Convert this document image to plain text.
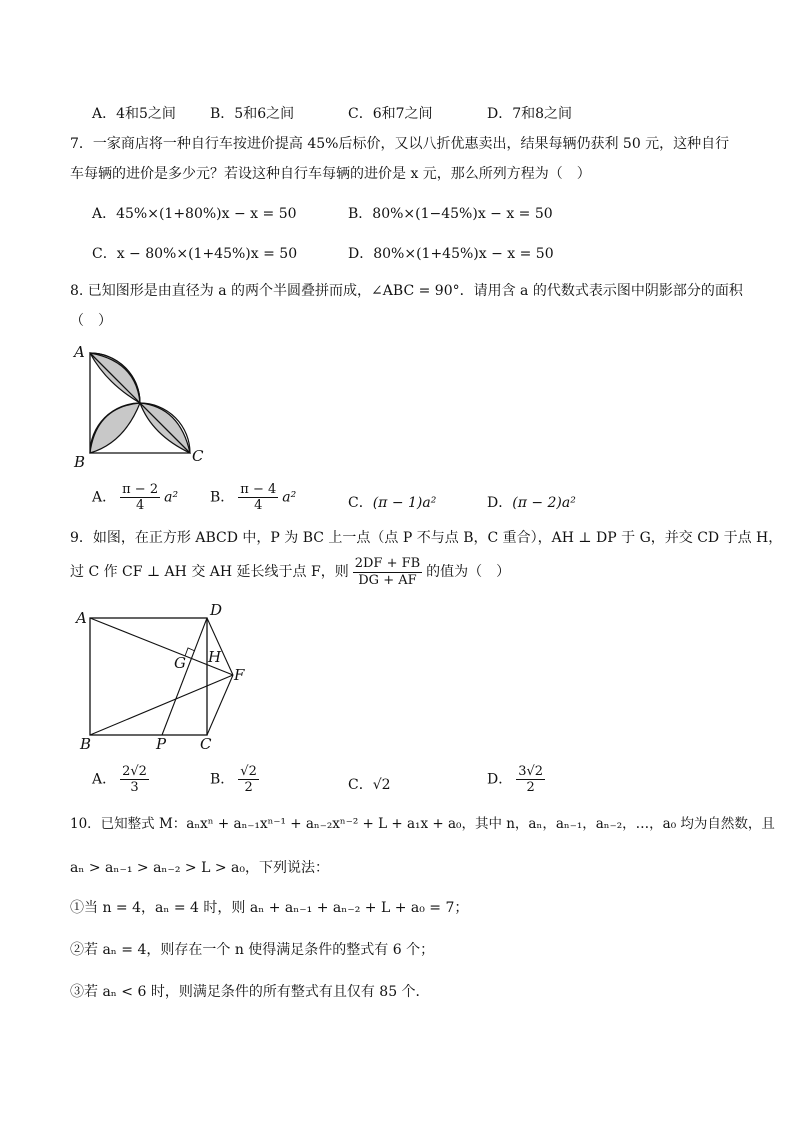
A．4和5之间 B．5和6之间	C．6和7之间	D．7和8之间
7．一家商店将一种自行车按进价提高 45%后标价，又以八折优惠卖出，结果每辆仍获利 50 元，这种自行
车每辆的进价是多少元？若设这种自行车每辆的进价是 x 元，那么所列方程为（　）
A．45%×(1+80%)x − x = 50	B．80%×(1−45%)x − x = 50
C．x − 80%×(1+45%)x = 50	D．80%×(1+45%)x − x = 50
8. 已知图形是由直径为 a 的两个半圆叠拼而成，∠ABC = 90°．请用含 a 的代数式表示图中阴影部分的面积
（　）
A
B	C
A． $\frac{\pi - 2}{4} a^2$ B． $\frac{\pi - 4}{4} a^2$	C．(π − 1)a²	D．(π − 2)a²
9．如图，在正方形 ABCD 中，P 为 BC 上一点（点 P 不与点 B，C 重合），AH ⊥ DP 于 G，并交 CD 于点 H，
过 C 作 CF ⊥ AH 交 AH 延长线于点 F，则 $\frac{2DF + FB}{DG + AF}$ 的值为（　）
A	D
B	P C
G H
F
A． $\frac{2√2}{3}$	B． $\frac{√2}{2}$	C．√2	D． $\frac{3√2}{2}$
10．已知整式 M：aₙxⁿ + aₙ₋₁xⁿ⁻¹ + aₙ₋₂xⁿ⁻² + L + a₁x + a₀，其中 n，aₙ，aₙ₋₁，aₙ₋₂，…，a₀ 均为自然数，且
aₙ > aₙ₋₁ > aₙ₋₂ > L > a₀，下列说法：
①当 n = 4，aₙ = 4 时，则 aₙ + aₙ₋₁ + aₙ₋₂ + L + a₀ = 7；
②若 aₙ = 4，则存在一个 n 使得满足条件的整式有 6 个；
③若 aₙ < 6 时，则满足条件的所有整式有且仅有 85 个．
